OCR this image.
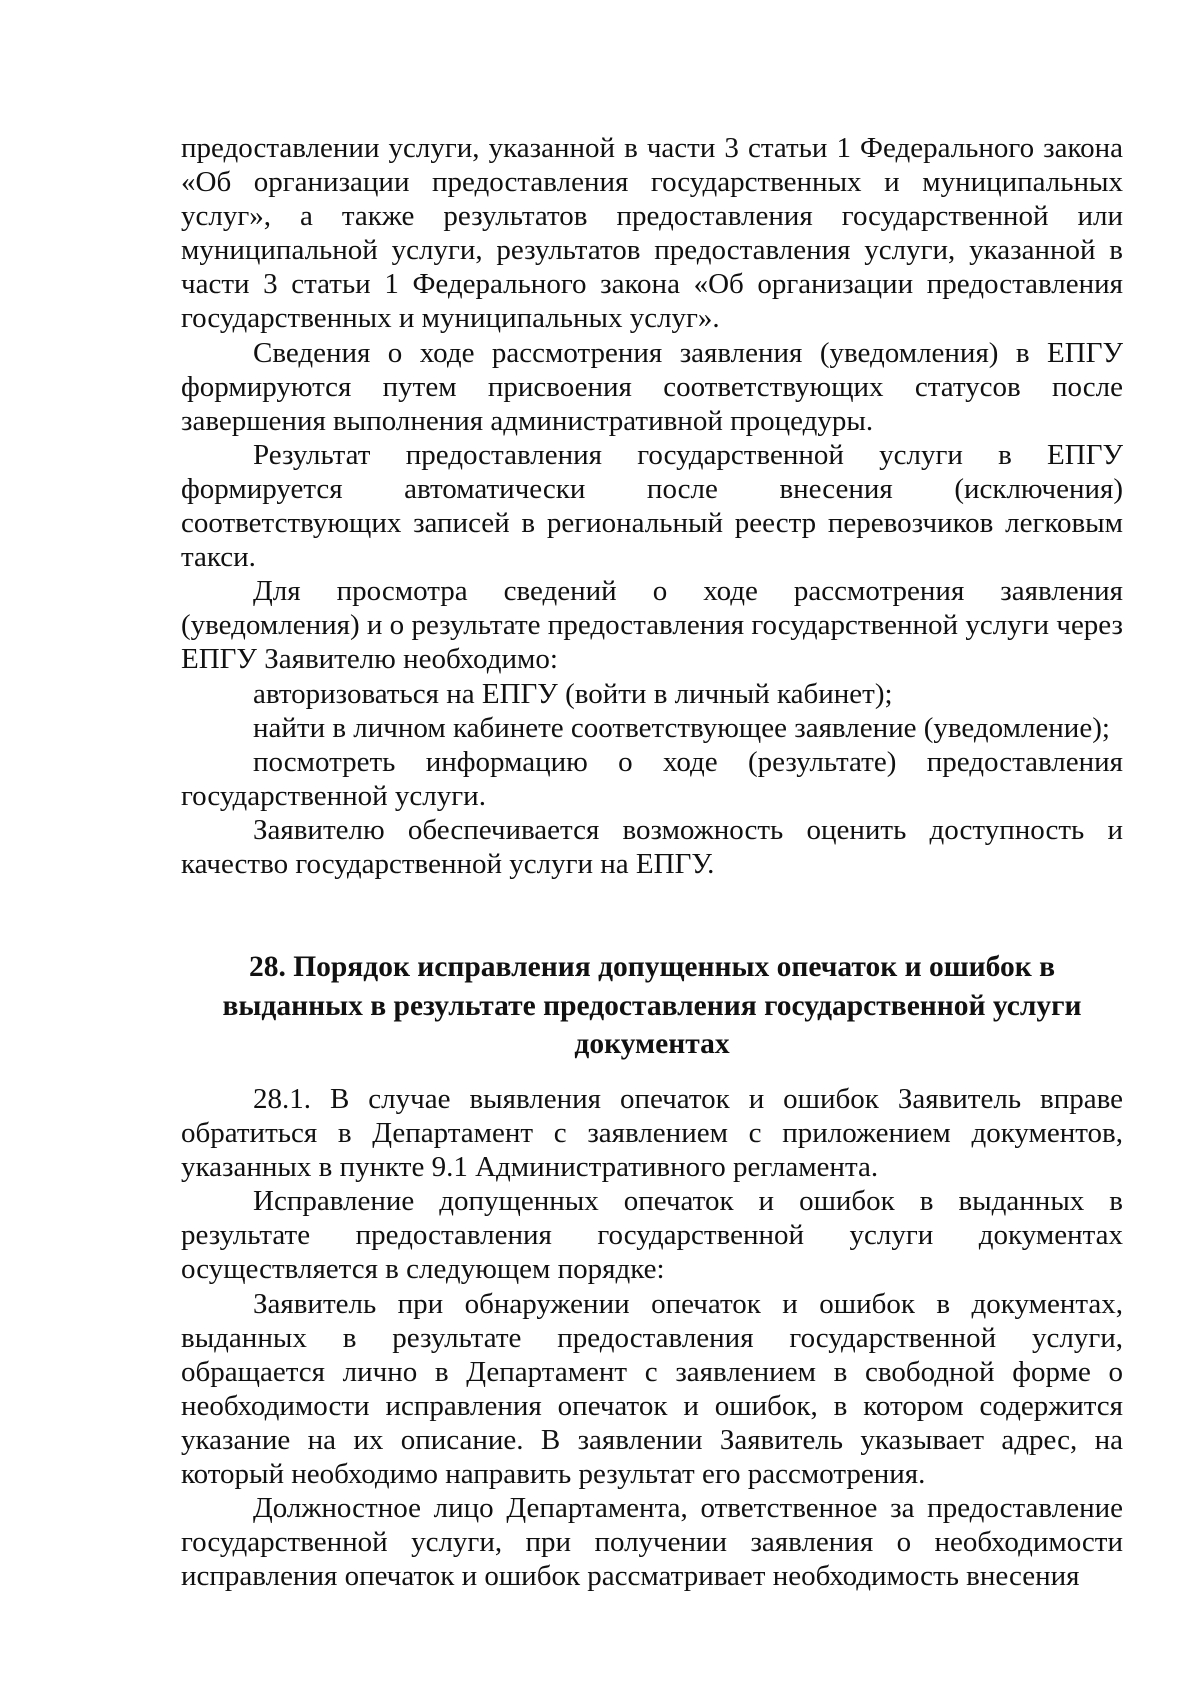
предоставлении услуги, указанной в части 3 статьи 1 Федерального закона «Об организации предоставления государственных и муниципальных услуг», а также результатов предоставления государственной или муниципальной услуги, результатов предоставления услуги, указанной в части 3 статьи 1 Федерального закона «Об организации предоставления государственных и муниципальных услуг».

Сведения о ходе рассмотрения заявления (уведомления) в ЕПГУ формируются путем присвоения соответствующих статусов после завершения выполнения административной процедуры.

Результат предоставления государственной услуги в ЕПГУ формируется автоматически после внесения (исключения) соответствующих записей в региональный реестр перевозчиков легковым такси.

Для просмотра сведений о ходе рассмотрения заявления (уведомления) и о результате предоставления государственной услуги через ЕПГУ Заявителю необходимо:

авторизоваться на ЕПГУ (войти в личный кабинет);

найти в личном кабинете соответствующее заявление (уведомление);

посмотреть информацию о ходе (результате) предоставления государственной услуги.

Заявителю обеспечивается возможность оценить доступность и качество государственной услуги на ЕПГУ.

28. Порядок исправления допущенных опечаток и ошибок в выданных в результате предоставления государственной услуги документах

28.1. В случае выявления опечаток и ошибок Заявитель вправе обратиться в Департамент с заявлением с приложением документов, указанных в пункте 9.1 Административного регламента.

Исправление допущенных опечаток и ошибок в выданных в результате предоставления государственной услуги документах осуществляется в следующем порядке:

Заявитель при обнаружении опечаток и ошибок в документах, выданных в результате предоставления государственной услуги, обращается лично в Департамент с заявлением в свободной форме о необходимости исправления опечаток и ошибок, в котором содержится указание на их описание. В заявлении Заявитель указывает адрес, на который необходимо направить результат его рассмотрения.

Должностное лицо Департамента, ответственное за предоставление государственной услуги, при получении заявления о необходимости исправления опечаток и ошибок рассматривает необходимость внесения
